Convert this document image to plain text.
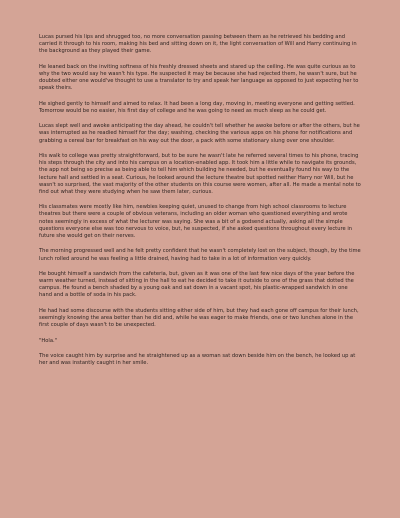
Lucas pursed his lips and shrugged too, no more conversation passing between them as he retrieved his bedding and carried it through to his room, making his bed and sitting down on it, the light conversation of Will and Harry continuing in the background as they played their game.

He leaned back on the inviting softness of his freshly dressed sheets and stared up the ceiling. He was quite curious as to why the two would say he wasn't his type. He suspected it may be because she had rejected them, he wasn't sure, but he doubted either one would've thought to use a translator to try and speak her language as opposed to just expecting her to speak theirs.

He sighed gently to himself and aimed to relax. It had been a long day, moving in, meeting everyone and getting settled. Tomorrow would be no easier, his first day of college and he was going to need as much sleep as he could get.

Lucas slept well and awoke anticipating the day ahead, he couldn't tell whether he awoke before or after the others, but he was interrupted as he readied himself for the day; washing, checking the various apps on his phone for notifications and grabbing a cereal bar for breakfast on his way out the door, a pack with some stationary slung over one shoulder.

His walk to college was pretty straightforward, but to be sure he wasn't late he referred several times to his phone, tracing his steps through the city and into his campus on a location-enabled app. It took him a little while to navigate its grounds, the app not being so precise as being able to tell him which building he needed, but he eventually found his way to the lecture hall and settled in a seat. Curious, he looked around the lecture theatre but spotted neither Harry nor Will, but he wasn't so surprised, the vast majority of the other students on this course were women, after all. He made a mental note to find out what they were studying when he saw them later, curious.

His classmates were mostly like him, newbies keeping quiet, unused to change from high school classrooms to lecture theatres but there were a couple of obvious veterans, including an older woman who questioned everything and wrote notes seemingly in excess of what the lecturer was saying. She was a bit of a godsend actually, asking all the simple questions everyone else was too nervous to voice, but, he suspected, if she asked questions throughout every lecture in future she would get on their nerves.

The morning progressed well and he felt pretty confident that he wasn't completely lost on the subject, though, by the time lunch rolled around he was feeling a little drained, having had to take in a lot of information very quickly.

He bought himself a sandwich from the cafeteria, but, given as it was one of the last few nice days of the year before the warm weather turned, instead of sitting in the hall to eat he decided to take it outside to one of the grass that dotted the campus. He found a bench shaded by a young oak and sat down in a vacant spot, his plastic-wrapped sandwich in one hand and a bottle of soda in his pack.

He had had some discourse with the students sitting either side of him, but they had each gone off campus for their lunch, seemingly knowing the area better than he did and, while he was eager to make friends, one or two lunches alone in the first couple of days wasn't to be unexpected.

"Hola."

The voice caught him by surprise and he straightened up as a woman sat down beside him on the bench, he looked up at her and was instantly caught in her smile.
